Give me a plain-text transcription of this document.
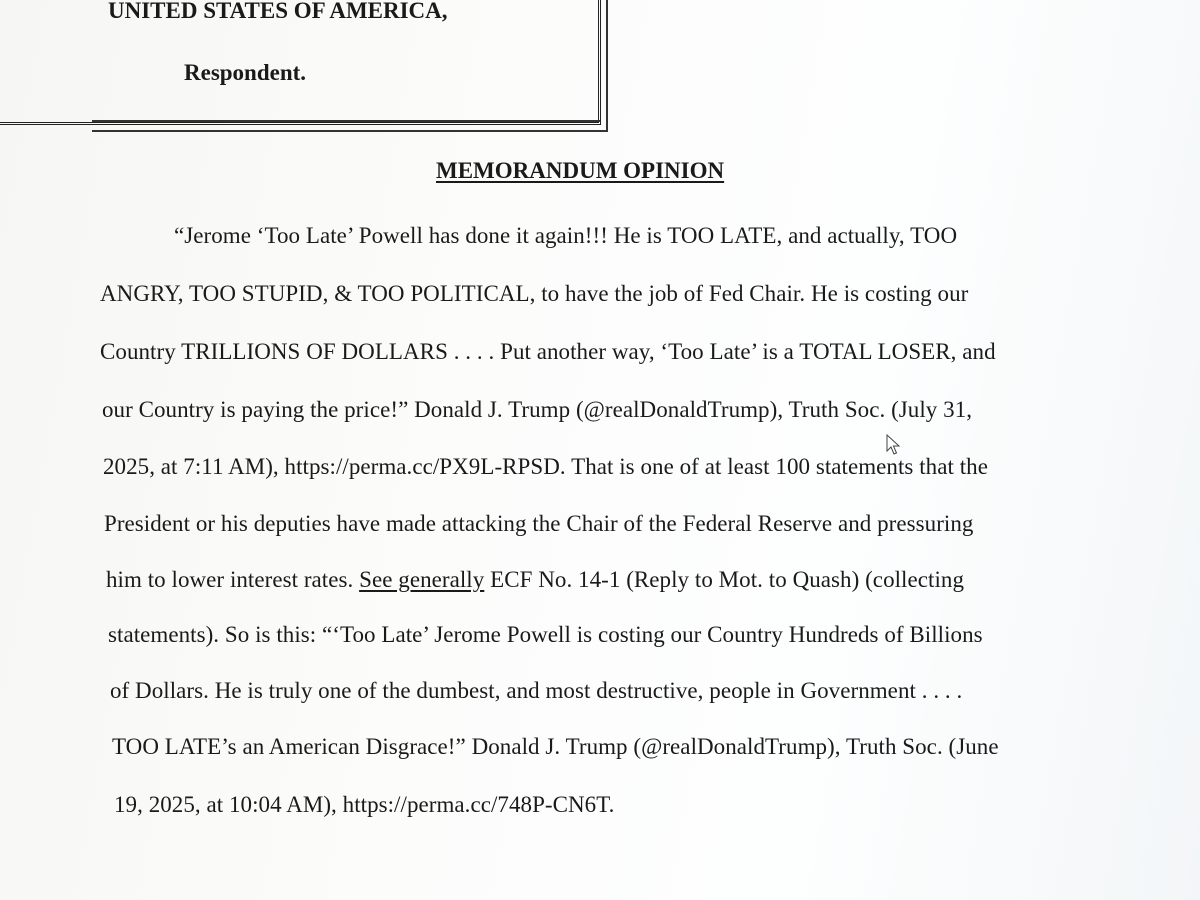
UNITED STATES OF AMERICA,
Respondent.
MEMORANDUM OPINION
“Jerome ‘Too Late’ Powell has done it again!!! He is TOO LATE, and actually, TOO
ANGRY, TOO STUPID, & TOO POLITICAL, to have the job of Fed Chair. He is costing our
Country TRILLIONS OF DOLLARS . . . . Put another way, ‘Too Late’ is a TOTAL LOSER, and
our Country is paying the price!” Donald J. Trump (@realDonaldTrump), Truth Soc. (July 31,
2025, at 7:11 AM), https://perma.cc/PX9L-RPSD. That is one of at least 100 statements that the
President or his deputies have made attacking the Chair of the Federal Reserve and pressuring
him to lower interest rates. See generally ECF No. 14-1 (Reply to Mot. to Quash) (collecting
statements). So is this: “‘Too Late’ Jerome Powell is costing our Country Hundreds of Billions
of Dollars. He is truly one of the dumbest, and most destructive, people in Government . . . .
TOO LATE’s an American Disgrace!” Donald J. Trump (@realDonaldTrump), Truth Soc. (June
19, 2025, at 10:04 AM), https://perma.cc/748P-CN6T.
